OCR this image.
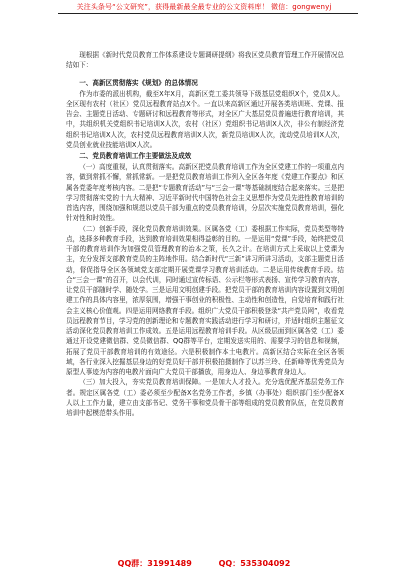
关注头条号“公文研究”，获得最新最全最专业的公文资料库！ 微信：gongwenyj

现根据《新时代党员教育工作体系建设专题调研提纲》将我区党员教育管理工作开展情况总结如下：

一、高新区贯彻落实《规划》的总体情况

作为市委的派出机构，截至X年X月，高新区党工委共领导下级基层党组织X个，党员X人。全区现有农村（社区）党员远程教育站点X个。一直以来高新区通过开展各类培训班、党课、报告会、主题党日活动、专题研讨和远程教育等形式，对全区广大基层党员普遍进行教育培训，其中，共组织机关党组织书记培训X人次，农村（社区）党组织书记培训X人次，非公有制经济党组织书记培训X人次，农村党员远程教育培训X人次，新党员培训X人次，流动党员培训X人次，党员创业就业技能培训X人次。

二、党员教育培训工作主要做法及成效

（一）高度重视，认真贯彻落实。高新区把党员教育培训工作为全区党建工作的一项重点内容，做到常抓不懈，常抓常新。一是把党员教育培训工作列入全区各年度《党建工作要点》和区属各党委年度考核内容。二是把“专题教育活动”与“三会一课”等基础制度结合起来落实。三是把学习贯彻落实党的十九大精神、习近平新时代中国特色社会主义思想作为党员先进性教育培训的首选内容，围绕加强和规范以党员干部为重点的党员教育培训，分层次实施党员教育培训，强化针对性和时效性。

（二）创新手段，深化党员教育培训效果。区属各党（工）委根据工作实际，党员类型等特点，选择多种教育手段，达到教育培训效果相得益彰的目的。一是运用“党课”手段，始终把党员干部的教育培训作为加强党员管理教育的治本之策，长久之计。在培训方式上采取以上党课为主，充分发挥支部教育党员的主阵地作用。结合新时代“三新”讲习所讲习活动，支部主题党日活动，督促指导全区各领域党支部定期开展党课学习教育培训活动。二是运用传统教育手段。结合“三会一课”的召开，以会代训，同时通过宣传标语、公示栏等形式表扬、宣传学习教育内容，让党员干部随时学、随处学。三是运用文明创建手段。把党员干部的教育培训内容设置到文明创建工作的具体内容里，浓厚氛围，增强干事创业的积极性、主动性和创造性，自觉培育和践行社会主义核心价值观。四是运用网络教育手段。组织广大党员干部积极登录“共产党员网”，收看党员远程教育节目，学习党的创新理论和专题教育实践活动进行学习和研讨，并适时组织主题征文活动深化党员教育培训工作成效。五是运用远程教育培训手段。从区级层面到区属各党（工）委通过开设党建微信群、党员微信群、QQ群等平台，定期发送实用的、需要学习的信息和视频，拓展了党员干部教育培训的有效途径。六是积极制作本土电教片。高新区结合实际在全区各领域，各行业深入挖掘基层身边的好党员好干部并积极拍摄制作了以苏兰玲、任新峰等优秀党员为原型人事迹为内容的电教片面向广大党员干部播放，用身边人、身边事教育身边人。

（三）加大投入，夯实党员教育培训保障。一是加大人才投入。充分选优配齐基层党务工作者。规定区属各党（工）委必须至少配备X名党务工作者，乡镇（办事处）组织部门至少配备X人以上工作力量，建立由支部书记、党务干事和党员骨干部等组成的党员教育队伍，在党员教育培训中起模范带头作用。

QQ群：31991489	QQ：535304092
